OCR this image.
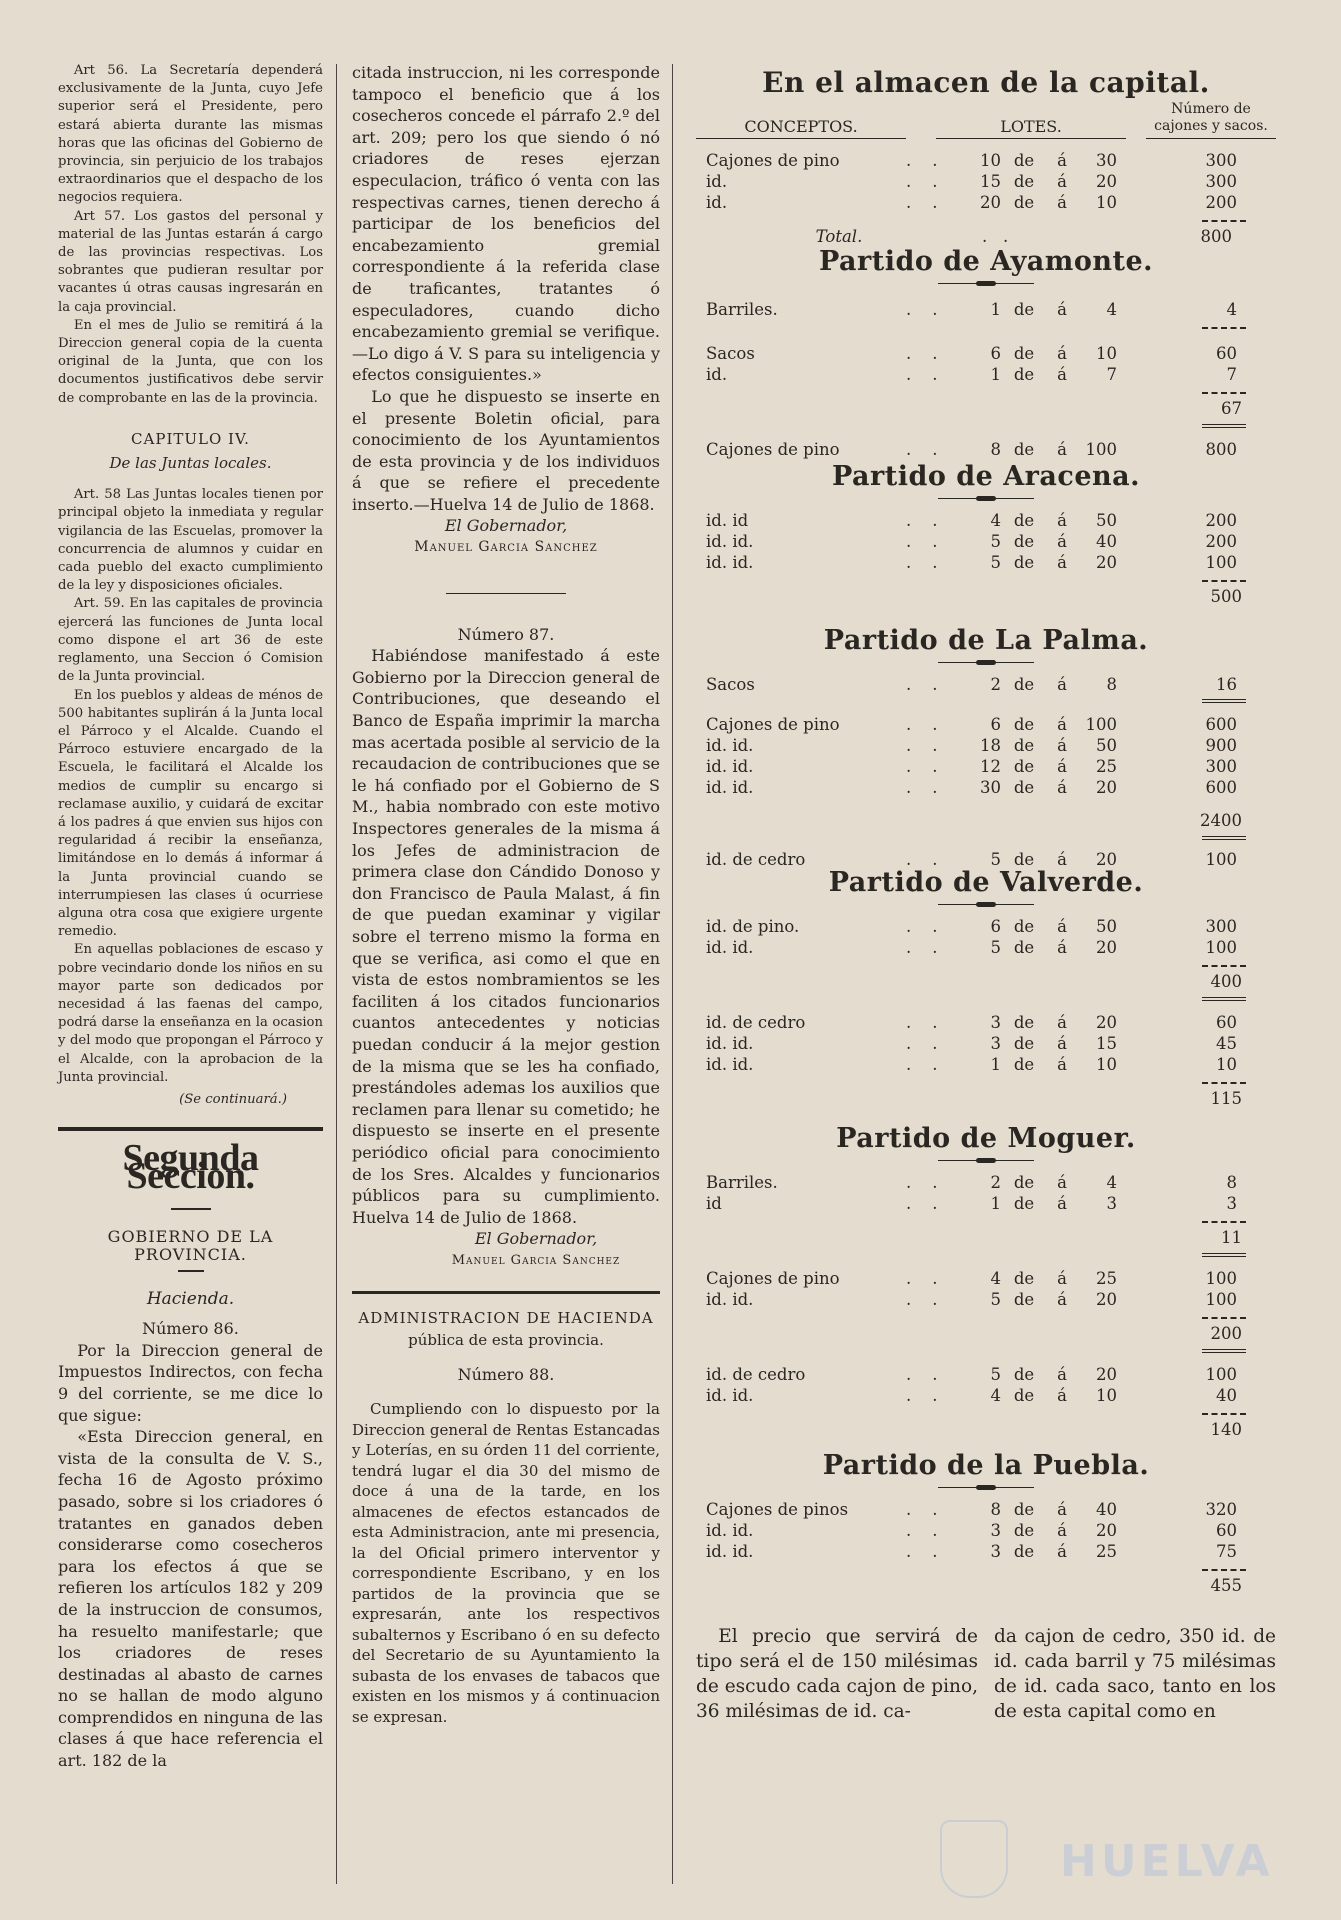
Art 56. La Secretaría dependerá exclusivamente de la Junta, cuyo Jefe superior será el Presidente, pero estará abierta durante las mismas horas que las oficinas del Gobierno de provincia, sin perjuicio de los trabajos extraordinarios que el despacho de los negocios requiera.

Art 57. Los gastos del personal y material de las Juntas estarán á cargo de las provincias respectivas. Los sobrantes que pudieran resultar por vacantes ú otras causas ingresarán en la caja provincial.

En el mes de Julio se remitirá á la Direccion general copia de la cuenta original de la Junta, que con los documentos justificativos debe servir de comprobante en las de la provincia.

CAPITULO IV.
De las Juntas locales.

Art. 58 Las Juntas locales tienen por principal objeto la inmediata y regular vigilancia de las Escuelas, promover la concurrencia de alumnos y cuidar en cada pueblo del exacto cumplimiento de la ley y disposiciones oficiales.

Art. 59. En las capitales de provincia ejercerá las funciones de Junta local como dispone el art 36 de este reglamento, una Seccion ó Comision de la Junta provincial.

En los pueblos y aldeas de ménos de 500 habitantes suplirán á la Junta local el Párroco y el Alcalde. Cuando el Párroco estuviere encargado de la Escuela, le facilitará el Alcalde los medios de cumplir su encargo si reclamase auxilio, y cuidará de excitar á los padres á que envien sus hijos con regularidad á recibir la enseñanza, limitándose en lo demás á informar á la Junta provincial cuando se interrumpiesen las clases ú ocurriese alguna otra cosa que exigiere urgente remedio.

En aquellas poblaciones de escaso y pobre vecindario donde los niños en su mayor parte son dedicados por necesidad á las faenas del campo, podrá darse la enseñanza en la ocasion y del modo que propongan el Párroco y el Alcalde, con la aprobacion de la Junta provincial.

(Se continuará.)
Segunda Seccion.
GOBIERNO DE LA PROVINCIA.
Hacienda.
Número 86.

Por la Direccion general de Impuestos Indirectos, con fecha 9 del corriente, se me dice lo que sigue:

«Esta Direccion general, en vista de la consulta de V. S., fecha 16 de Agosto próximo pasado, sobre si los criadores ó tratantes en ganados deben considerarse como cosecheros para los efectos á que se refieren los artículos 182 y 209 de la instruccion de consumos, ha resuelto manifestarle; que los criadores de reses destinadas al abasto de carnes no se hallan de modo alguno comprendidos en ninguna de las clases á que hace referencia el art. 182 de la

citada instruccion, ni les corresponde tampoco el beneficio que á los cosecheros concede el párrafo 2.º del art. 209; pero los que siendo ó nó criadores de reses ejerzan especulacion, tráfico ó venta con las respectivas carnes, tienen derecho á participar de los beneficios del encabezamiento gremial correspondiente á la referida clase de traficantes, tratantes ó especuladores, cuando dicho encabezamiento gremial se verifique.—Lo digo á V. S para su inteligencia y efectos consiguientes.»

Lo que he dispuesto se inserte en el presente Boletin oficial, para conocimiento de los Ayuntamientos de esta provincia y de los individuos á que se refiere el precedente inserto.—Huelva 14 de Julio de 1868.

El Gobernador,
Manuel Garcia Sanchez
Número 87.

Habiéndose manifestado á este Gobierno por la Direccion general de Contribuciones, que deseando el Banco de España imprimir la marcha mas acertada posible al servicio de la recaudacion de contribuciones que se le há confiado por el Gobierno de S M., habia nombrado con este motivo Inspectores generales de la misma á los Jefes de administracion de primera clase don Cándido Donoso y don Francisco de Paula Malast, á fin de que puedan examinar y vigilar sobre el terreno mismo la forma en que se verifica, asi como el que en vista de estos nombramientos se les faciliten á los citados funcionarios cuantos antecedentes y noticias puedan conducir á la mejor gestion de la misma que se les ha confiado, prestándoles ademas los auxilios que reclamen para llenar su cometido; he dispuesto se inserte en el presente periódico oficial para conocimiento de los Sres. Alcaldes y funcionarios públicos para su cumplimiento. Huelva 14 de Julio de 1868.

El Gobernador,
Manuel Garcia Sanchez
ADMINISTRACION DE HACIENDA
pública de esta provincia.
Número 88.

Cumpliendo con lo dispuesto por la Direccion general de Rentas Estancadas y Loterías, en su órden 11 del corriente, tendrá lugar el dia 30 del mismo de doce á una de la tarde, en los almacenes de efectos estancados de esta Administracion, ante mi presencia, la del Oficial primero interventor y correspondiente Escribano, y en los partidos de la provincia que se expresarán, ante los respectivos subalternos y Escribano ó en su defecto del Secretario de su Ayuntamiento la subasta de los envases de tabacos que existen en los mismos y á continuacion se expresan.

En el almacen de la capital.
CONCEPTOS.	LOTES.
Número de cajones y sacos.
Cajones de pino	.    .	10 de	á	30	300
id.	.    .	15 de	á	20	300
id.	.    .	20 de	á	10	200
Total.	.   .	800
Partido de Ayamonte.
Barriles.	.    .	1 de	á	4	4
Sacos	.    .	6 de	á	10	60
id.	.    .	1 de	á	7	7
67
Cajones de pino	.    .	8 de	á	100	800
Partido de Aracena.
id. id	.    .	4 de	á	50	200
id. id.	.    .	5 de	á	40	200
id. id.	.    .	5 de	á	20	100
500
Partido de La Palma.
Sacos	.    .	2 de	á	8	16
Cajones de pino	.    .	6 de	á	100	600
id. id.	.    .	18 de	á	50	900
id. id.	.    .	12 de	á	25	300
id. id.	.    .	30 de	á	20	600
2400
id. de cedro	.    .	5 de	á	20	100
Partido de Valverde.
id. de pino.	.    .	6 de	á	50	300
id. id.	.    .	5 de	á	20	100
400
id. de cedro	.    .	3 de	á	20	60
id. id.	.    .	3 de	á	15	45
id. id.	.    .	1 de	á	10	10
115
Partido de Moguer.
Barriles.	.    .	2 de	á	4	8
id	.    .	1 de	á	3	3
11
Cajones de pino	.    .	4 de	á	25	100
id. id.	.    .	5 de	á	20	100
200
id. de cedro	.    .	5 de	á	20	100
id. id.	.    .	4 de	á	10	40
140
Partido de la Puebla.
Cajones de pinos	.    .	8 de	á	40	320
id. id.	.    .	3 de	á	20	60
id. id.	.    .	3 de	á	25	75
455

El precio que servirá de tipo será el de 150 milésimas de escudo cada cajon de pino, 36 milésimas de id. ca-

da cajon de cedro, 350 id. de id. cada barril y 75 milésimas de id. cada saco, tanto en los de esta capital como en

HUELVA
